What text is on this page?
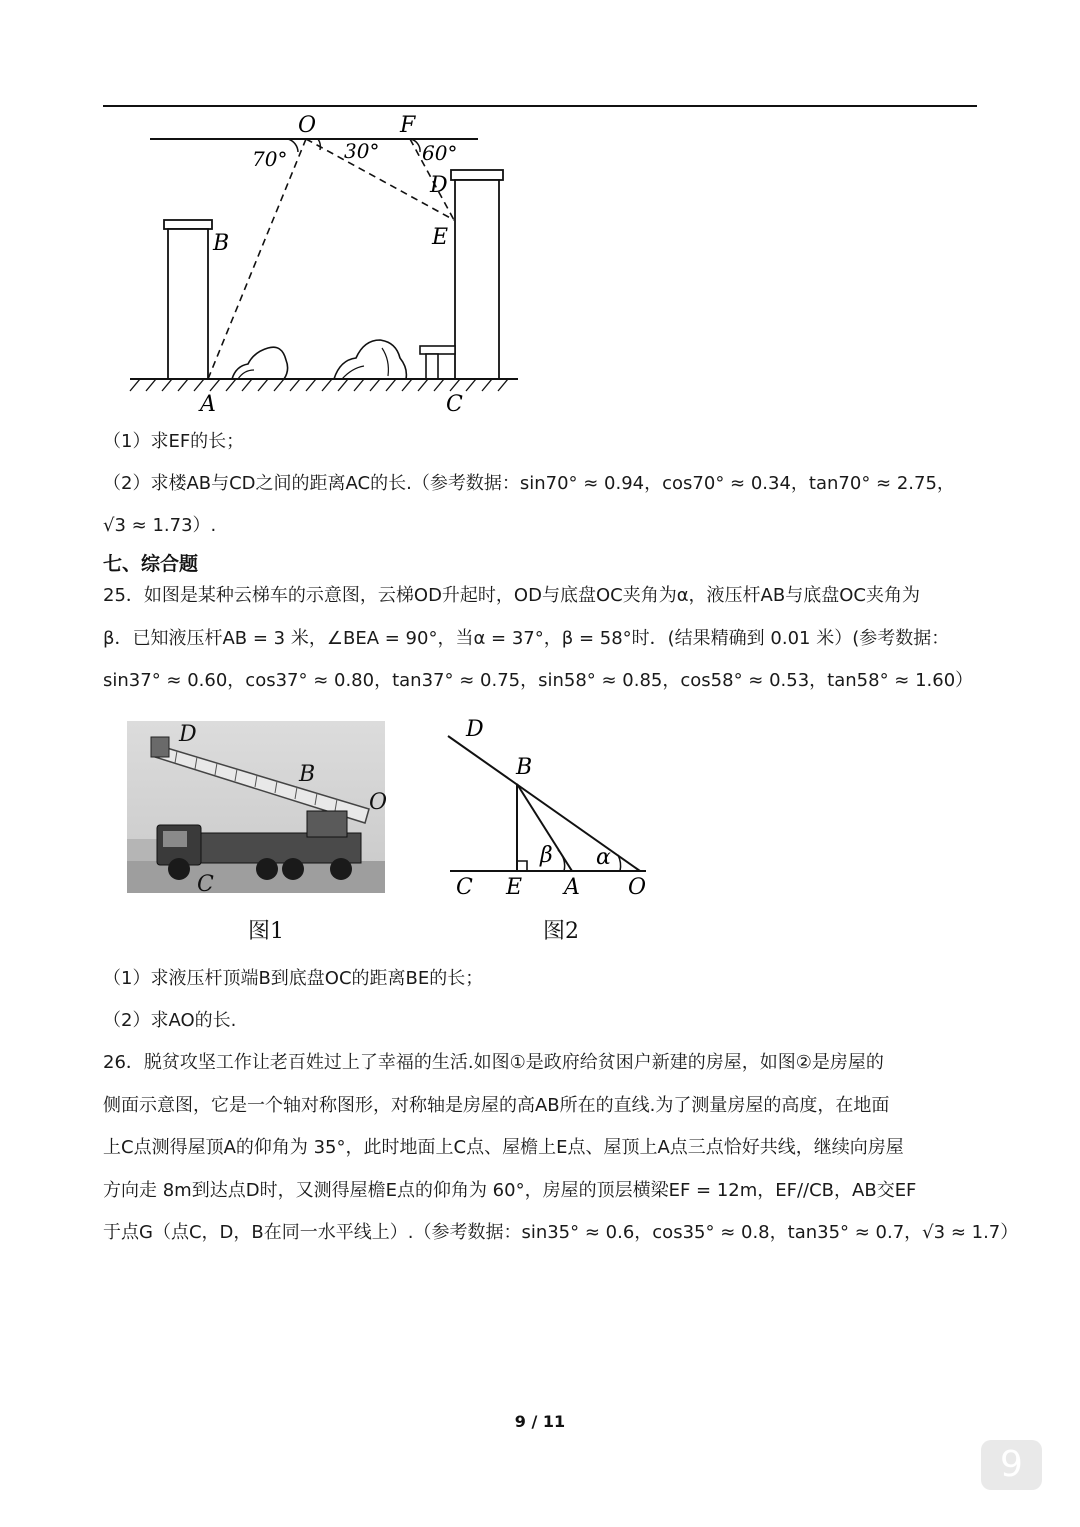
O	F
D
B	E
A	C
70°	30° 60°
（1）求EF的长；
（2）求楼AB与CD之间的距离AC的长.（参考数据：sin70° ≈ 0.94，cos70° ≈ 0.34，tan70° ≈ 2.75，
√3 ≈ 1.73）.
七、综合题
25．如图是某种云梯车的示意图，云梯OD升起时，OD与底盘OC夹角为α，液压杆AB与底盘OC夹角为
β．已知液压杆AB = 3 米，∠BEA = 90°，当α = 37°，β = 58°时．(结果精确到 0.01 米）(参考数据：
sin37° ≈ 0.60，cos37° ≈ 0.80，tan37° ≈ 0.75，sin58° ≈ 0.85，cos58° ≈ 0.53，tan58° ≈ 1.60）
D
B
O
C
图1
D
B
C E A O
β α
图2
（1）求液压杆顶端B到底盘OC的距离BE的长；
（2）求AO的长.
26．脱贫攻坚工作让老百姓过上了幸福的生活.如图①是政府给贫困户新建的房屋，如图②是房屋的
侧面示意图，它是一个轴对称图形，对称轴是房屋的高AB所在的直线.为了测量房屋的高度，在地面
上C点测得屋顶A的仰角为 35°，此时地面上C点、屋檐上E点、屋顶上A点三点恰好共线，继续向房屋
方向走 8m到达点D时，又测得屋檐E点的仰角为 60°，房屋的顶层横梁EF = 12m，EF//CB，AB交EF
于点G（点C，D，B在同一水平线上）.（参考数据：sin35° ≈ 0.6，cos35° ≈ 0.8，tan35° ≈ 0.7，√3 ≈ 1.7）
9 / 11
9
